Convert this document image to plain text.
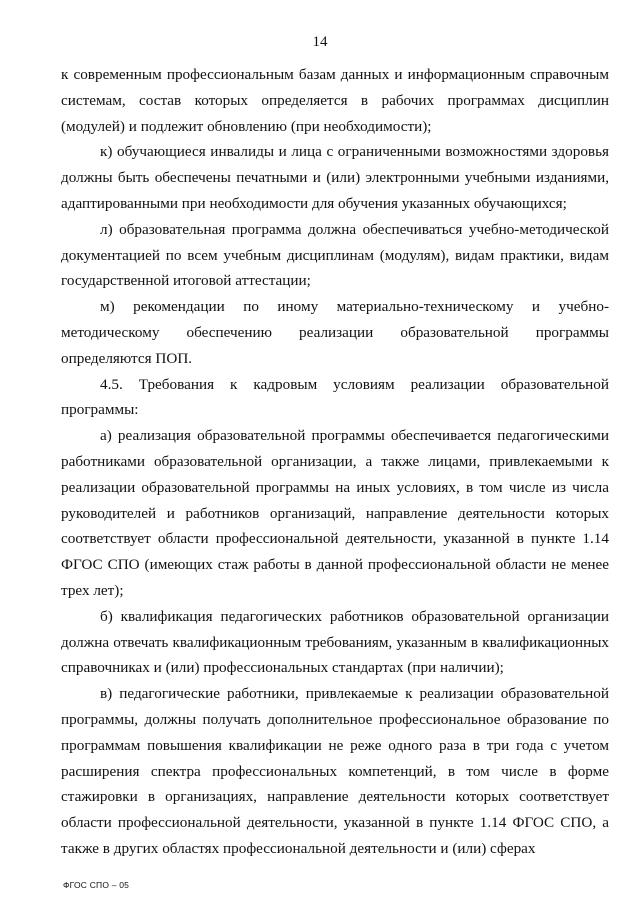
14

к современным профессиональным базам данных и информационным справочным системам, состав которых определяется в рабочих программах дисциплин (модулей) и подлежит обновлению (при необходимости);

к) обучающиеся инвалиды и лица с ограниченными возможностями здоровья должны быть обеспечены печатными и (или) электронными учебными изданиями, адаптированными при необходимости для обучения указанных обучающихся;

л) образовательная программа должна обеспечиваться учебно-методической документацией по всем учебным дисциплинам (модулям), видам практики, видам государственной итоговой аттестации;

м) рекомендации по иному материально-техническому и учебно-методическому обеспечению реализации образовательной программы определяются ПОП.

4.5. Требования к кадровым условиям реализации образовательной программы:

а) реализация образовательной программы обеспечивается педагогическими работниками образовательной организации, а также лицами, привлекаемыми к реализации образовательной программы на иных условиях, в том числе из числа руководителей и работников организаций, направление деятельности которых соответствует области профессиональной деятельности, указанной в пункте 1.14 ФГОС СПО (имеющих стаж работы в данной профессиональной области не менее трех лет);

б) квалификация педагогических работников образовательной организации должна отвечать квалификационным требованиям, указанным в квалификационных справочниках и (или) профессиональных стандартах (при наличии);

в) педагогические работники, привлекаемые к реализации образовательной программы, должны получать дополнительное профессиональное образование по программам повышения квалификации не реже одного раза в три года с учетом расширения спектра профессиональных компетенций, в том числе в форме стажировки в организациях, направление деятельности которых соответствует области профессиональной деятельности, указанной в пункте 1.14 ФГОС СПО, а также в других областях профессиональной деятельности и (или) сферах

ФГОС СПО – 05
